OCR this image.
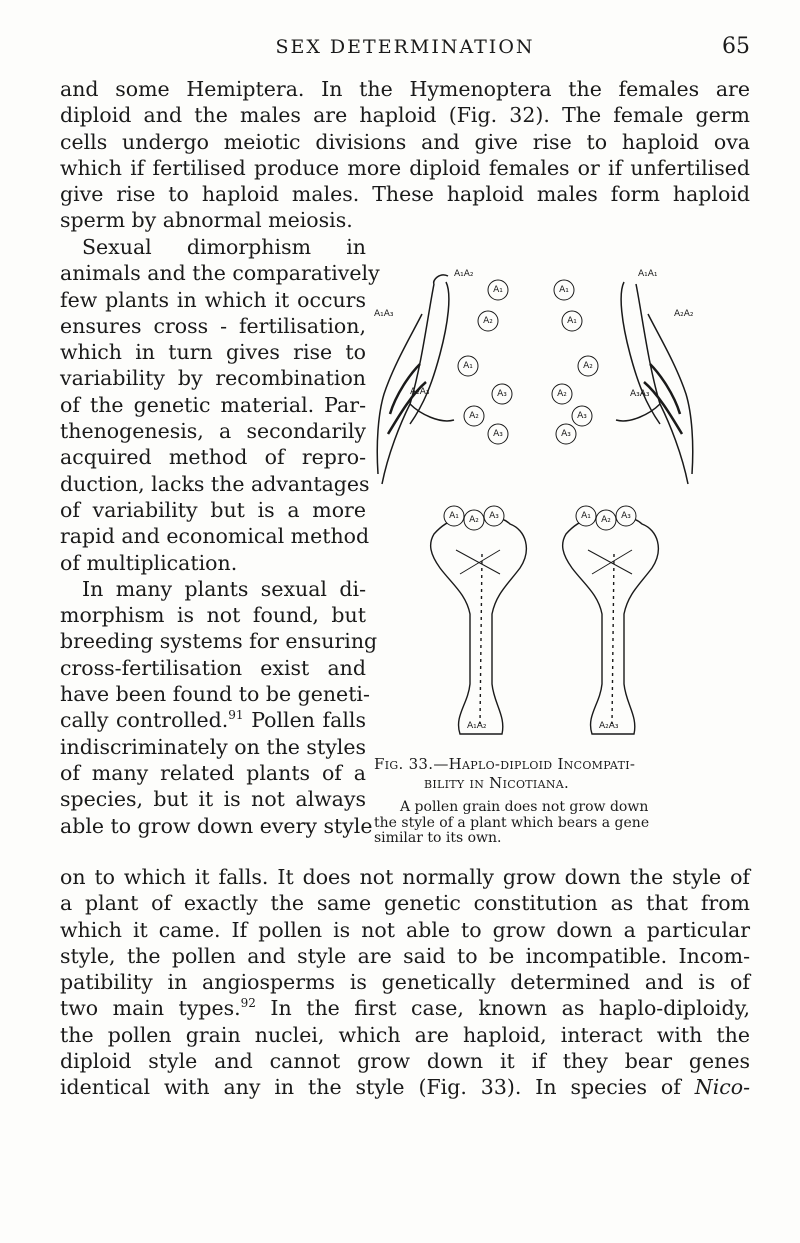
SEX DETERMINATION	65
and some Hemiptera. In the Hymenoptera the females are
diploid and the males are haploid (Fig. 32). The female germ
cells undergo meiotic divisions and give rise to haploid ova
which if fertilised produce more diploid females or if unfertilised
give rise to haploid males. These haploid males form haploid
sperm by abnormal meiosis.
Sexual dimorphism in
animals and the comparatively
few plants in which it occurs
ensures cross - fertilisation,
which in turn gives rise to
variability by recombination
of the genetic material. Par-
thenogenesis, a secondarily
acquired method of repro-
duction, lacks the advantages
of variability but is a more
rapid and economical method
of multiplication.
In many plants sexual di-
morphism is not found, but
breeding systems for ensuring
cross-fertilisation exist and
have been found to be geneti-
cally controlled.$^{91}$ Pollen falls
indiscriminately on the styles
of many related plants of a
species, but it is not always
able to grow down every style
A₁A₂
A₁A₃
A₂A₃
A₁A₁
A₂A₂
A₃A₃
A₁
A₂
A₁
A₃
A₂
A₃
A₁
A₁
A₂
A₂
A₃
A₃
A₁ A₂ A₃
A₁A₂
A₁ A₂ A₃
A₂A₃
Fig. 33.—Haplo-diploid Incompati-
bility in Nicotiana.
A pollen grain does not grow down
the style of a plant which bears a gene
similar to its own.
on to which it falls. It does not normally grow down the style of
a plant of exactly the same genetic constitution as that from
which it came. If pollen is not able to grow down a particular
style, the pollen and style are said to be incompatible. Incom-
patibility in angiosperms is genetically determined and is of
two main types.$^{92}$ In the first case, known as haplo-diploidy,
the pollen grain nuclei, which are haploid, interact with the
diploid style and cannot grow down it if they bear genes
identical with any in the style (Fig. 33). In species of Nico-
